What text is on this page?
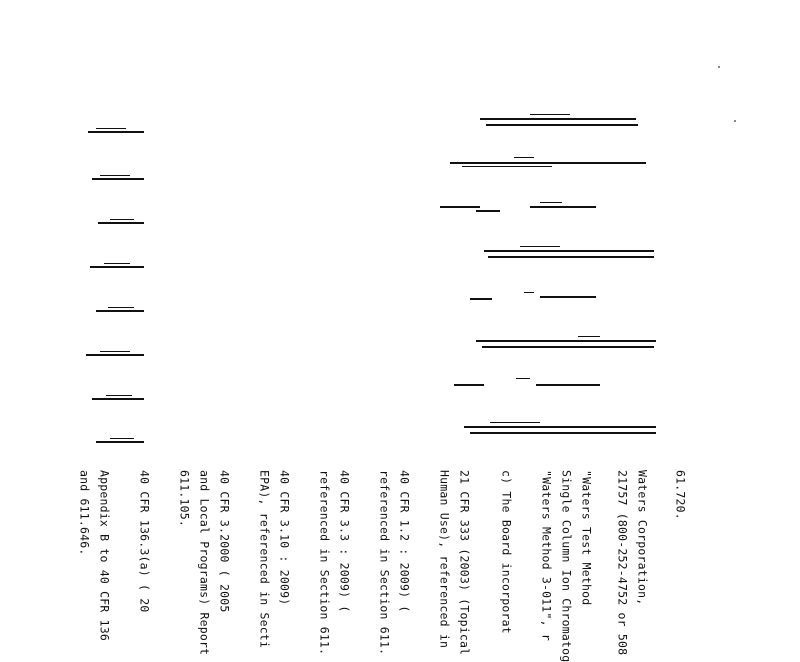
61.720.
Waters Corporation,
21757 (800-252-4752 or 508
"Waters Test Method
Single Column Ion Chromatog
"Waters Method 3-011", r
c) The Board incorporat
21 CFR 333 (2003) (Topical
Human Use), referenced in
40 CFR 1.2 : 2009) (
referenced in Section 611.
40 CFR 3.3 : 2009) (
referenced in Section 611.
40 CFR 3.10 : 2009)
EPA), referenced in Secti
40 CFR 3.2000 ( 2005
and Local Programs) Report
611.105.
40 CFR 136.3(a) ( 20
Appendix B to 40 CFR 136
and 611.646.
